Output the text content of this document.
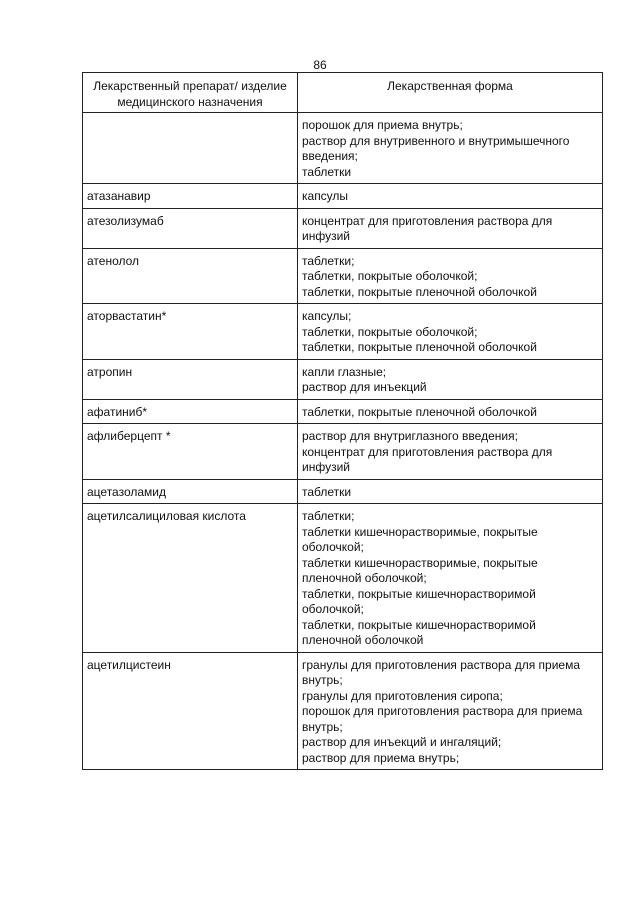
86
Лекарственный препарат/ изделие медицинского назначения	Лекарственная форма

	порошок для приема внутрь;
раствор для внутривенного и внутримышечного введения;
таблетки

атазанавир	капсулы

атезолизумаб	концентрат для приготовления раствора для инфузий

атенолол	таблетки;
таблетки, покрытые оболочкой;
таблетки, покрытые пленочной оболочкой

аторвастатин*	капсулы;
таблетки, покрытые оболочкой;
таблетки, покрытые пленочной оболочкой

атропин	капли глазные;
раствор для инъекций

афатиниб*	таблетки, покрытые пленочной оболочкой

афлиберцепт *	раствор для внутриглазного введения;
концентрат для приготовления раствора для инфузий

ацетазоламид	таблетки

ацетилсалициловая кислота	таблетки;
таблетки кишечнорастворимые, покрытые оболочкой;
таблетки кишечнорастворимые, покрытые пленочной оболочкой;
таблетки, покрытые кишечнорастворимой оболочкой;
таблетки, покрытые кишечнорастворимой пленочной оболочкой

ацетилцистеин	гранулы для приготовления раствора для приема внутрь;
гранулы для приготовления сиропа;
порошок для приготовления раствора для приема внутрь;
раствор для инъекций и ингаляций;
раствор для приема внутрь;
